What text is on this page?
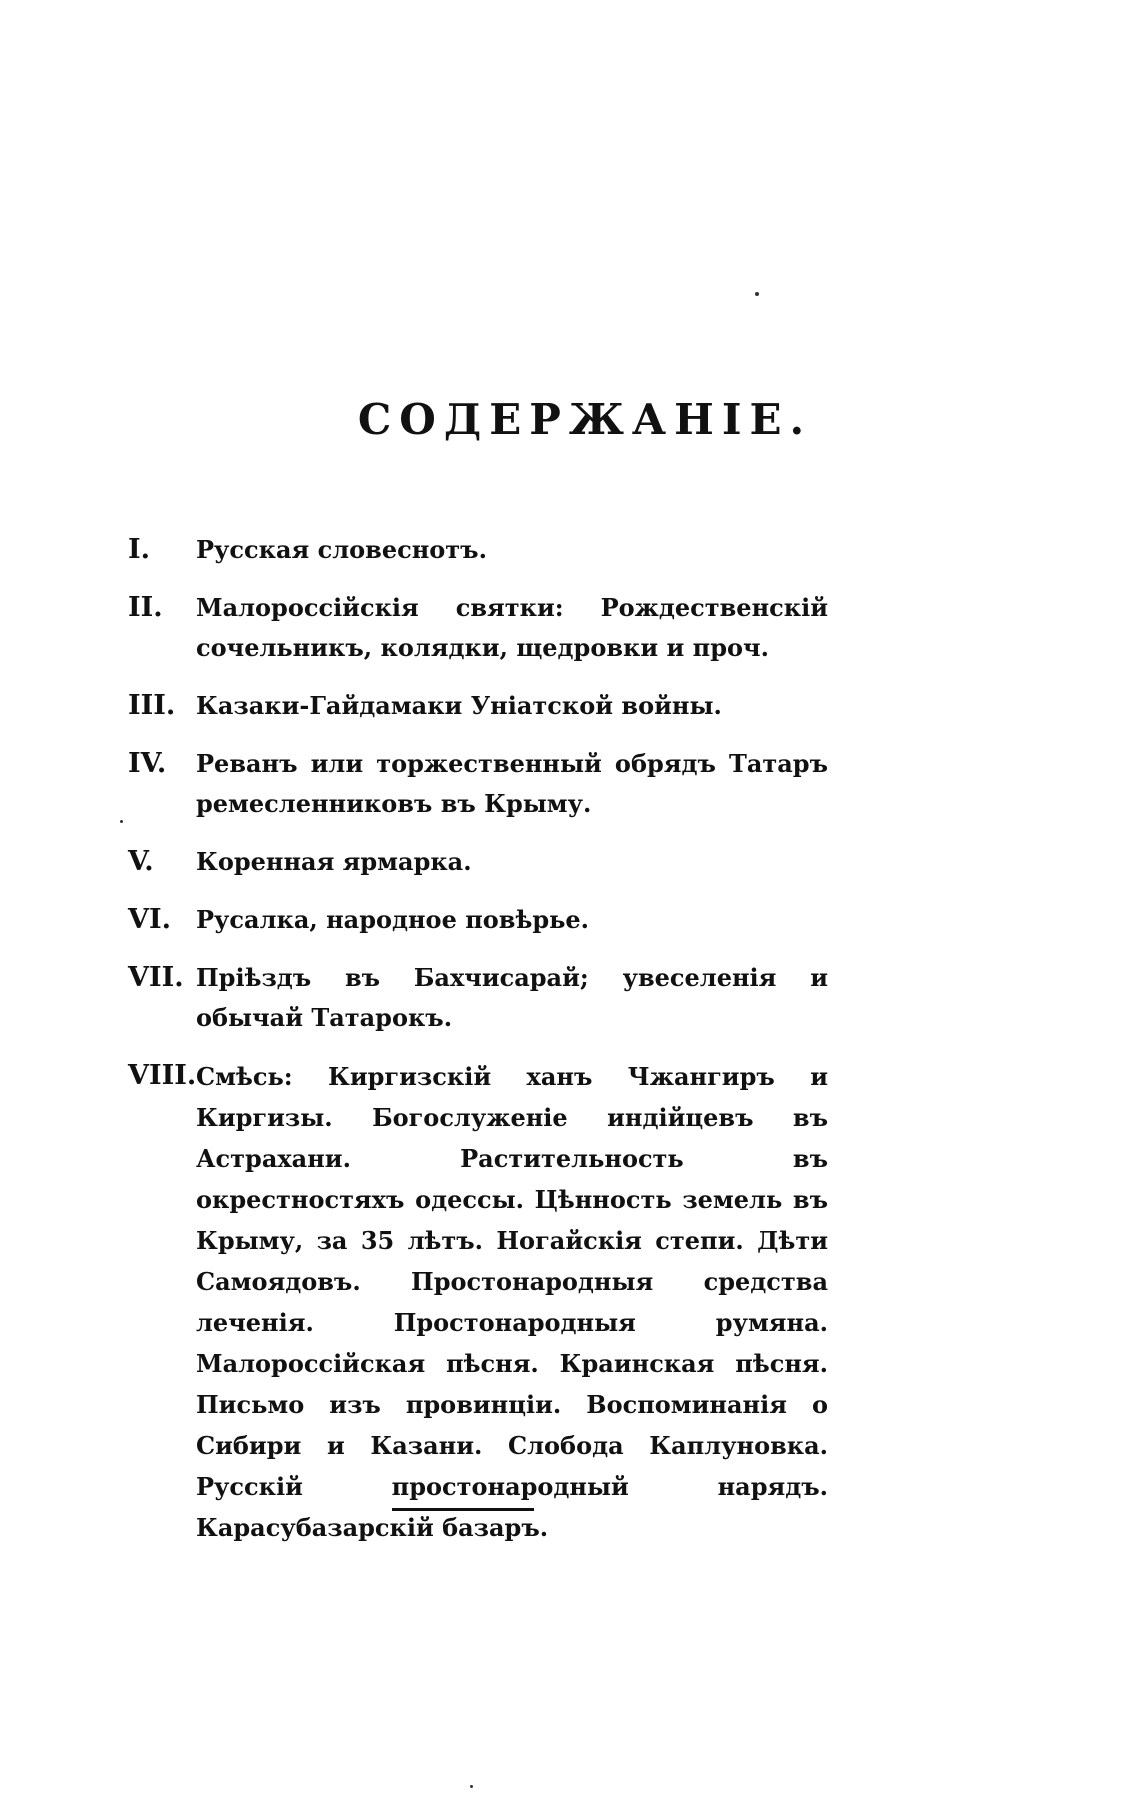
СОДЕРЖАНІЕ.
I.	Русская словеснотъ.
II.	Малороссійскія святки: Рождественскій сочельникъ, колядки, щедровки и проч.
III. Казаки-Гайдамаки Унiатской войны.
IV.	Реванъ или торжественный обрядъ Татаръ ремесленниковъ въ Крыму.
V.	Коренная ярмарка.
VI.	Русалка, народное повѣрье.
VII. Пріѣздъ въ Бахчисарай; увеселенія и обычай Татарокъ.
VIII. Смѣсь: Киргизскій ханъ Чжангиръ и Киргизы. Богослуженіе индійцевъ въ Астрахани. Растительность въ окрестностяхъ одессы. Цѣнность земель въ Крыму, за 35 лѣтъ. Ногайскія степи. Дѣти Самоядовъ. Простонародныя средства леченія. Простонародныя румяна. Малороссійская пѣсня. Краинская пѣсня. Письмо изъ провинціи. Воспоминанія о Сибири и Казани. Слобода Каплуновка. Русскій простонародный нарядъ. Карасубазарскій базаръ.
